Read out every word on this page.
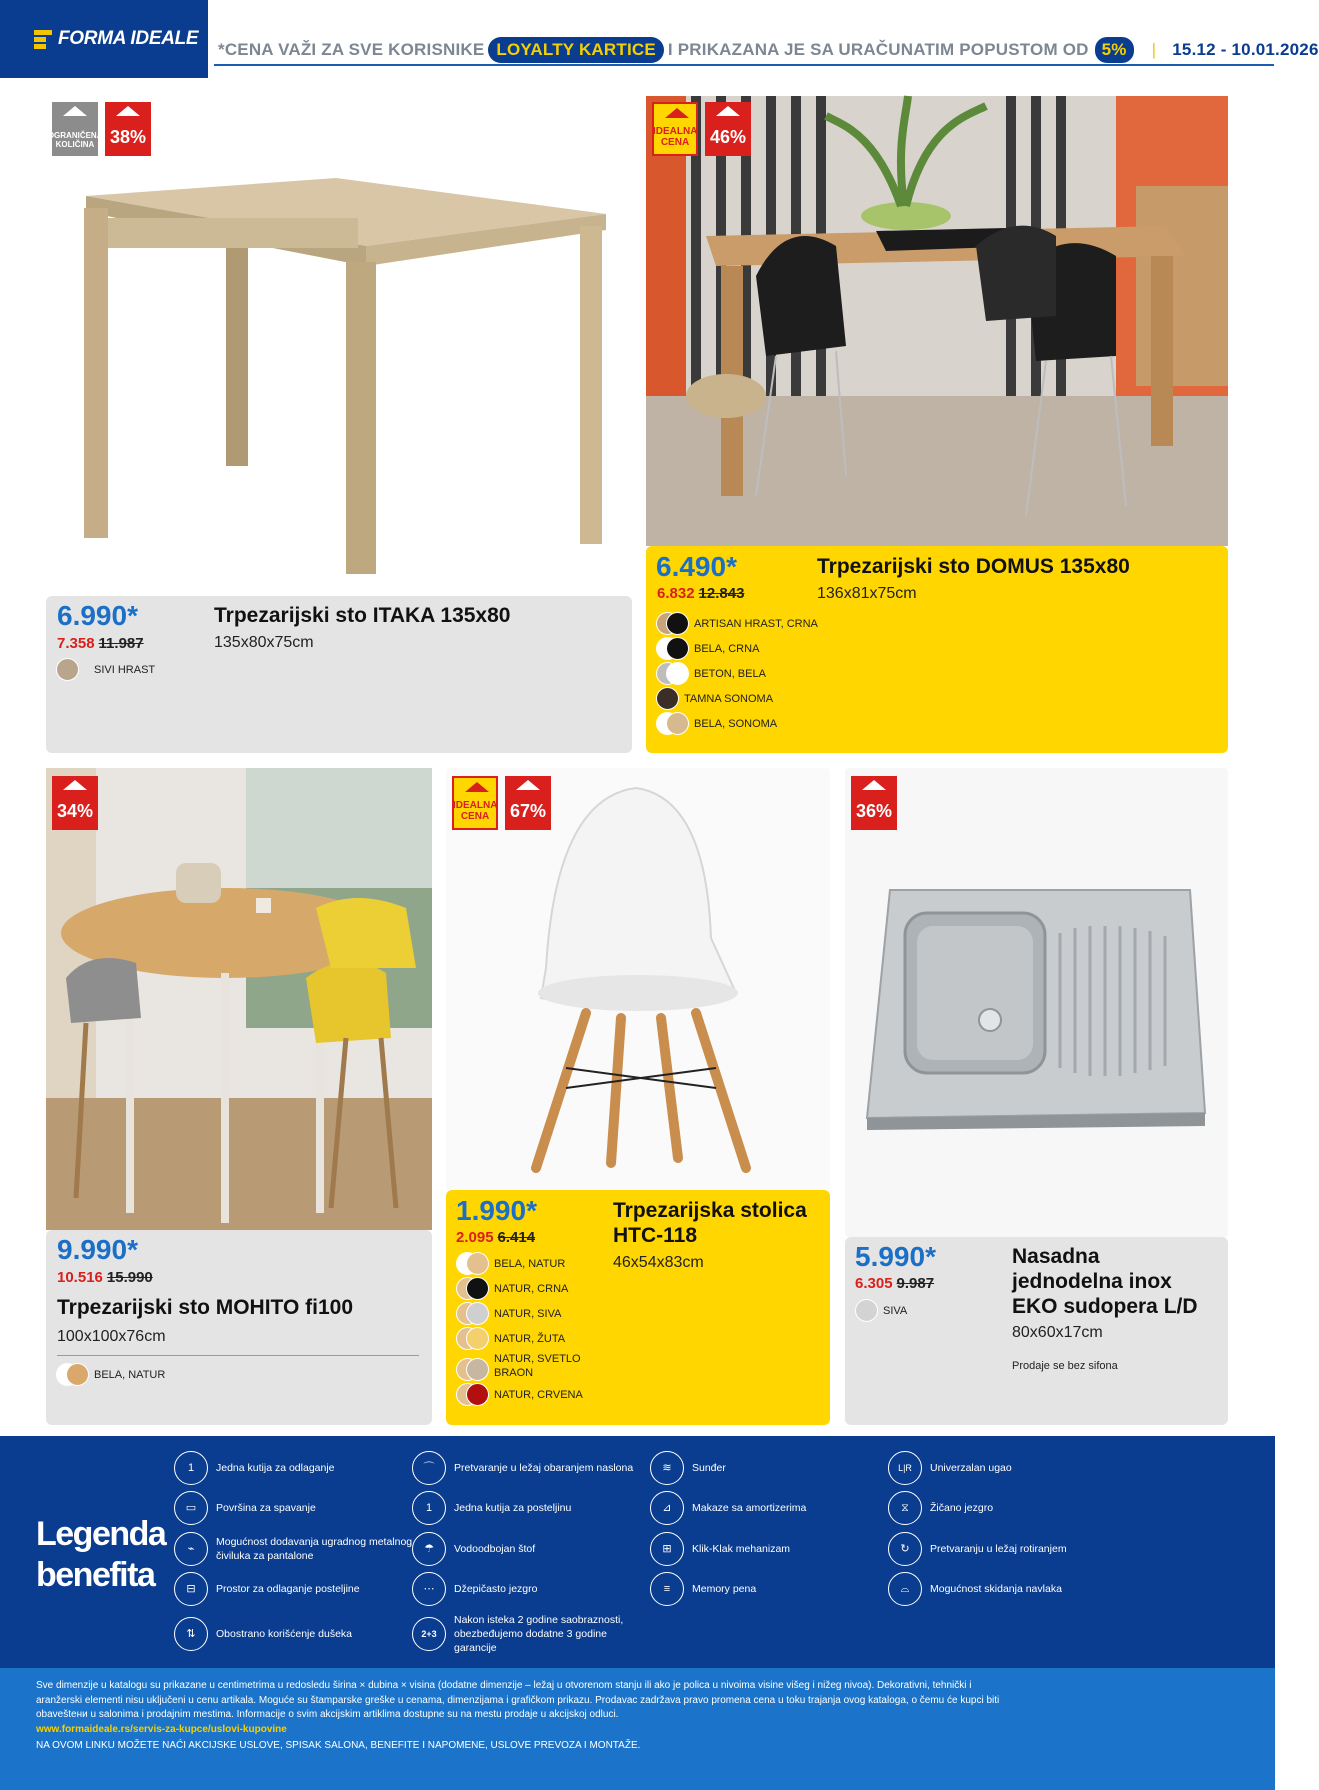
FORMA IDEALE
*CENA VAŽI ZA SVE KORISNIKE LOYALTY KARTICE I PRIKAZANA JE SA URAČUNATIM POPUSTOM OD 5%	| 15.12 - 10.01.2026
OGRANIČENA KOLIČINA 38%
6.990*
7.358 11.987
Trpezarijski sto ITAKA 135x80
135x80x75cm
SIVI HRAST
IDEALNA CENA	46%
6.490*
6.832 12.843
Trpezarijski sto DOMUS 135x80
136x81x75cm
ARTISAN HRAST, CRNA
BELA, CRNA
BETON, BELA
TAMNA SONOMA
BELA, SONOMA
34%
9.990*
10.516 15.990
Trpezarijski sto MOHITO fi100
100x100x76cm
BELA, NATUR
IDEALNA CENA	67%
1.990*
2.095 6.414
Trpezarijska stolica HTC-118
46x54x83cm
BELA, NATUR
NATUR, CRNA
NATUR, SIVA
NATUR, ŽUTA
NATUR, SVETLO BRAON
NATUR, CRVENA
36%
5.990*
6.305 9.987
Nasadna jednodelna inox EKO sudopera L/D
80x60x17cm
Prodaje se bez sifona
SIVA
Legenda
benefita
1	Jedna kutija za odlaganje
▭	Površina za spavanje
⌁
Mogućnost dodavanja ugradnog metalnog čiviluka za pantalone
⊟	Prostor za odlaganje posteljine
⇅	Obostrano korišćenje dušeka
⌒	Pretvaranje u ležaj obaranjem naslona
1	Jedna kutija za posteljinu
☂	Vodoodbojan štof
⋯	Džepičasto jezgro
2+3
Nakon isteka 2 godine saobraznosti, obezbeđujemo dodatne 3 godine garancije
≋	Sunđer
⊿	Makaze sa amortizerima
⊞	Klik-Klak mehanizam
≡	Memory pena
L|R	Univerzalan ugao
⧖	Žičano jezgro
↻	Pretvaranju u ležaj rotiranjem
⌓	Mogućnost skidanja navlaka
Sve dimenzije u katalogu su prikazane u centimetrima u redosledu širina × dubina × visina (dodatne dimenzije – ležaj u otvorenom stanju ili ako je polica u nivoima visine višeg i nižeg nivoa). Dekorativni, tehnički i aranžerski elementi nisu uključeni u cenu artikala. Moguće su štamparske greške u cenama, dimenzijama i grafičkom prikazu. Prodavac zadržava pravo promena cena u toku trajanja ovog kataloga, o čemu će kupci biti obaveštени u salonima i prodajnim mestima. Informacije o svim akcijskim artiklima dostupne su na mestu prodaje u akcijskoj odluci.
www.formaideale.rs/servis-za-kupce/uslovi-kupovine
NA OVOM LINKU MOŽETE NAĆI AKCIJSKE USLOVE, SPISAK SALONA, BENEFITE I NAPOMENE, USLOVE PREVOZA I MONTAŽE.
